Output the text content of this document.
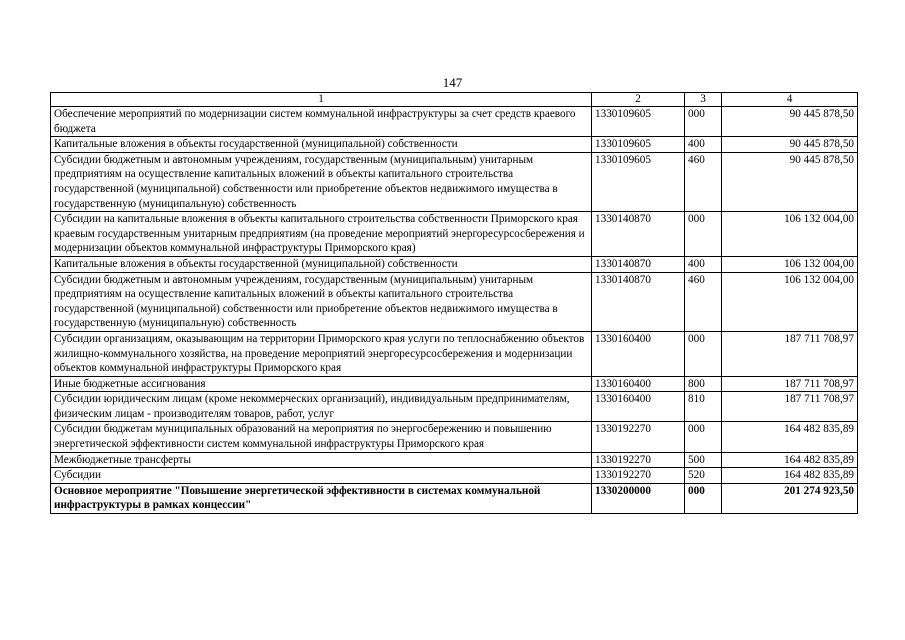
147
1	2	3	4
Обеспечение мероприятий по модернизации систем коммунальной инфраструктуры за счет средств краевого бюджета	1330109605	000	90 445 878,50
Капитальные вложения в объекты государственной (муниципальной) собственности	1330109605	400	90 445 878,50
Субсидии бюджетным и автономным учреждениям, государственным (муниципальным) унитарным предприятиям на осуществление капитальных вложений в объекты капитального строительства государственной (муниципальной) собственности или приобретение объектов недвижимого имущества в государственную (муниципальную) собственность	1330109605	460	90 445 878,50
Субсидии на капитальные вложения в объекты капитального строительства собственности Приморского края краевым государственным унитарным предприятиям (на проведение мероприятий энергоресурсосбережения и модернизации объектов коммунальной инфраструктуры Приморского края)	1330140870	000	106 132 004,00
Капитальные вложения в объекты государственной (муниципальной) собственности	1330140870	400	106 132 004,00
Субсидии бюджетным и автономным учреждениям, государственным (муниципальным) унитарным предприятиям на осуществление капитальных вложений в объекты капитального строительства государственной (муниципальной) собственности или приобретение объектов недвижимого имущества в государственную (муниципальную) собственность	1330140870	460	106 132 004,00
Субсидии организациям, оказывающим на территории Приморского края услуги по теплоснабжению объектов жилищно-коммунального хозяйства, на проведение мероприятий энергоресурсосбережения и модернизации объектов коммунальной инфраструктуры Приморского края	1330160400	000	187 711 708,97
Иные бюджетные ассигнования	1330160400	800	187 711 708,97
Субсидии юридическим лицам (кроме некоммерческих организаций), индивидуальным предпринимателям, физическим лицам - производителям товаров, работ, услуг	1330160400	810	187 711 708,97
Субсидии бюджетам муниципальных образований на мероприятия по энергосбережению и повышению энергетической эффективности систем коммунальной инфраструктуры Приморского края	1330192270	000	164 482 835,89
Межбюджетные трансферты	1330192270	500	164 482 835,89
Субсидии	1330192270	520	164 482 835,89
Основное мероприятие "Повышение энергетической эффективности в системах коммунальной инфраструктуры в рамках концессии"	1330200000	000	201 274 923,50
